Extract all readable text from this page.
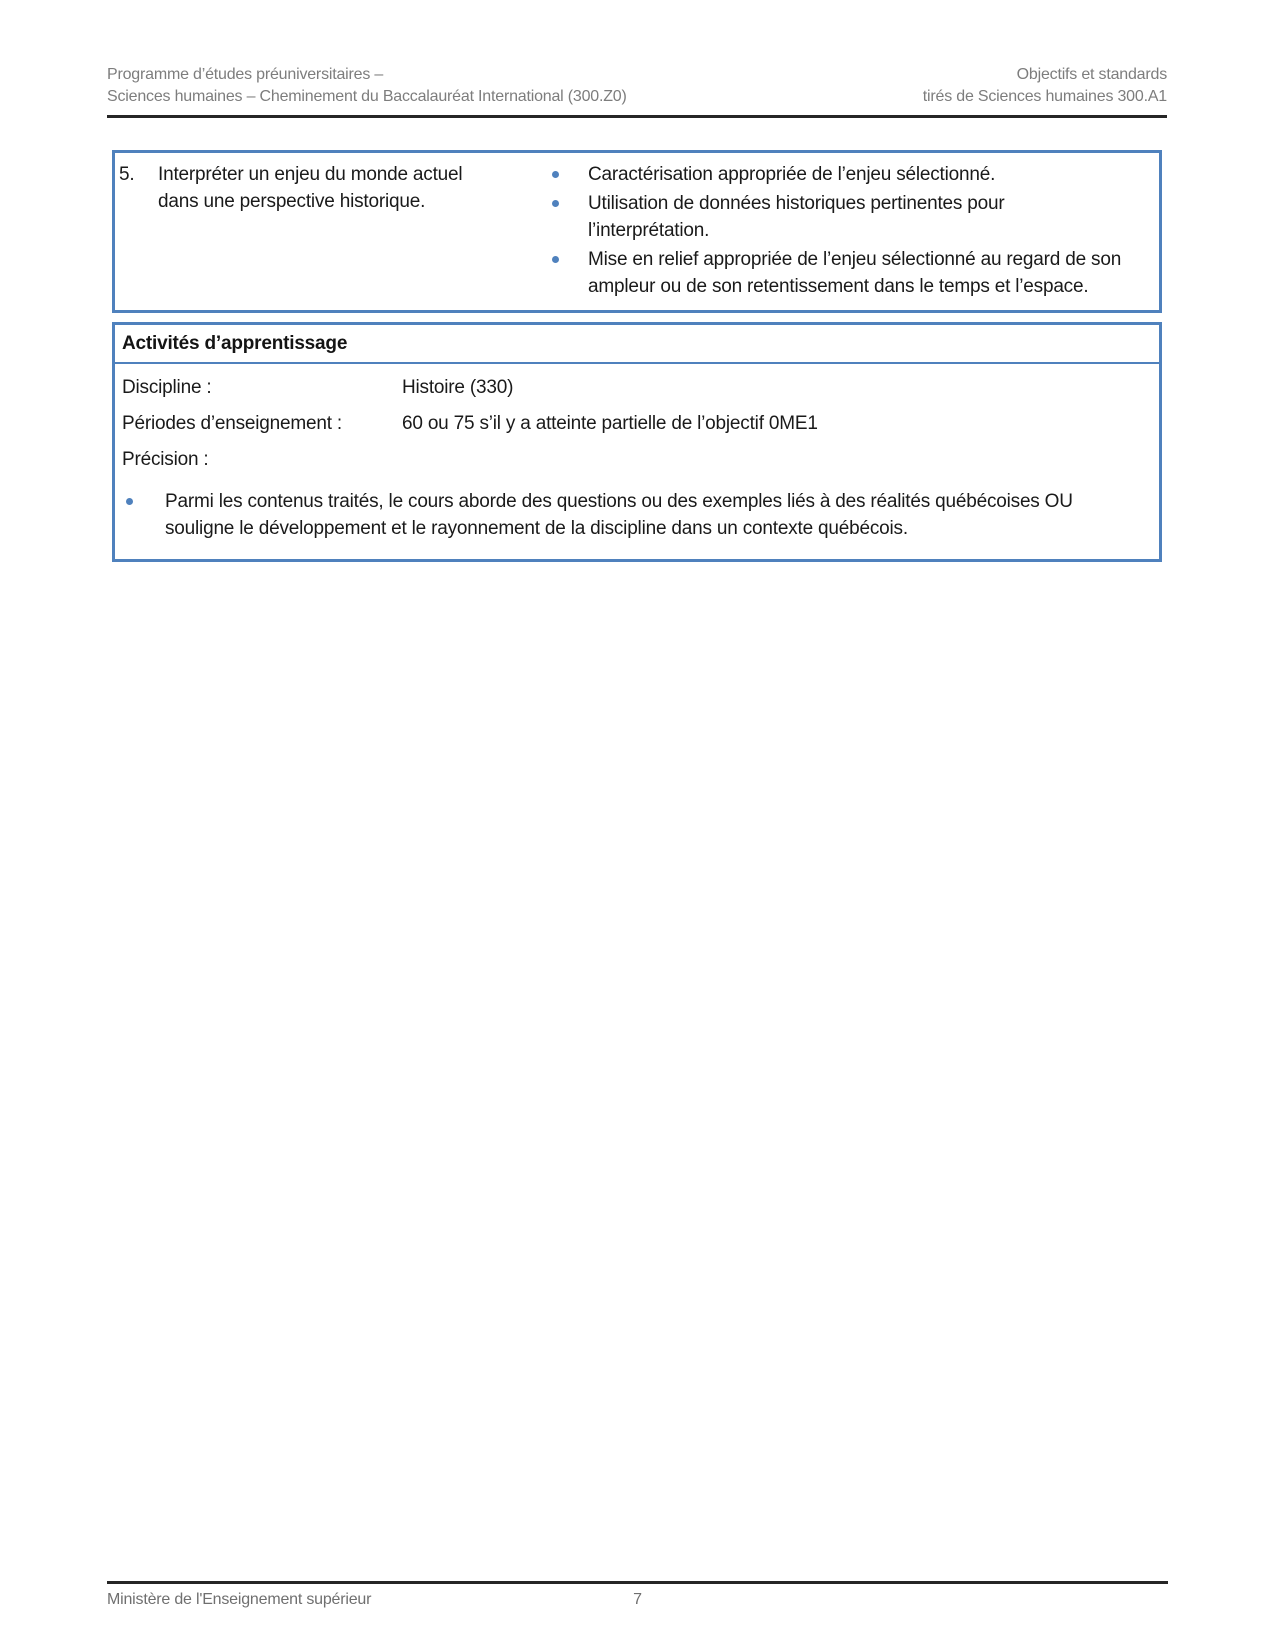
Programme d’études préuniversitaires –
Sciences humaines – Cheminement du Baccalauréat International (300.Z0)
Objectifs et standards
tirés de Sciences humaines 300.A1
5.	Interpréter un enjeu du monde actuel dans une perspective historique.
Caractérisation appropriée de l’enjeu sélectionné.
Utilisation de données historiques pertinentes pour l’interprétation.
Mise en relief appropriée de l’enjeu sélectionné au regard de son ampleur ou de son retentissement dans le temps et l’espace.
Activités d’apprentissage
Discipline :	Histoire (330)
Périodes d’enseignement :	60 ou 75 s’il y a atteinte partielle de l’objectif 0ME1
Précision :
Parmi les contenus traités, le cours aborde des questions ou des exemples liés à des réalités québécoises OU souligne le développement et le rayonnement de la discipline dans un contexte québécois.
Ministère de l'Enseignement supérieur	7
